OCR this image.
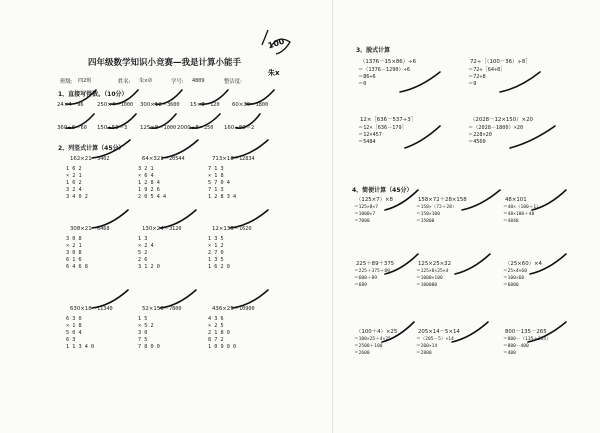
四年级数学知识小竞赛—我是计算小能手
班级: 四2班	姓名: 朱x章	学号: 4809	整洁度:
100
朱x
1、直接写得数。（10分）
24×4＝96	250×4＝1000 300×12＝3600 15×8＝120 60×30＝1800
360÷6＝60 150÷50＝3 125×8＝1000 2000÷8＝250 160÷80＝2
2、列竖式计算（45分）
162×21＝3402
1 6 2
× 2 1
1 6 2
3 2 4
3 4 0 2
64×321＝20544
3 2 1
× 6 4
1 2 8 4
1 9 2 6
2 0 5 4 4
713×18＝12834
7 1 3
× 1 8
5 7 0 4
7 1 3
1 2 8 3 4
308×21＝6468
3 0 8
× 2 1
3 0 8
6 1 6
6 4 6 8
130×24＝3120
1 3
× 2 4
5 2
2 6
3 1 2 0
12×135＝1620
1 3 5
× 1 2
2 7 0
1 3 5
1 6 2 0
630×18＝11340
6 3 0
× 1 8
5 0 4
6 3
1 1 3 4 0
52×150＝7800
1 5
× 5 2
3 0
7 5
7 8 0 0
436×25＝10900
4 3 6
× 2 5
2 1 8 0
8 7 2
1 0 9 0 0
3、脱式计算
（1376－15×86）÷6
＝（1376－1290）÷6
＝86÷6
＝0
72÷［（100－36）÷8］
＝72÷［64÷8］
＝72÷8
＝9
12×［636－537÷3］
＝12×［636－179］
＝12×457
＝5484
（2028－12×150）×20
＝（2028－1800）×20
＝228×20
＝4560
4、简便计算（45分）
（125×7）×8
＝125×8×7
＝1000×7
＝7000
158×72＋28×158
＝158×（72＋28）
＝158×100
＝15800
48×101
＝48×（100＋1）
＝48×100＋48
＝4848
225＋89＋375
＝225＋375＋89
＝600＋89
＝689
125×25×32
＝125×8×25×4
＝1000×100
＝100000
（25×60）×4
＝25×4×60
＝100×60
＝6000
（100＋4）×25
＝100×25＋4×25
＝2500＋100
＝2600
205×14－5×14
＝（205－5）×14
＝200×14
＝2800
800－135－265
＝800－（135＋265）
＝800－400
＝400
